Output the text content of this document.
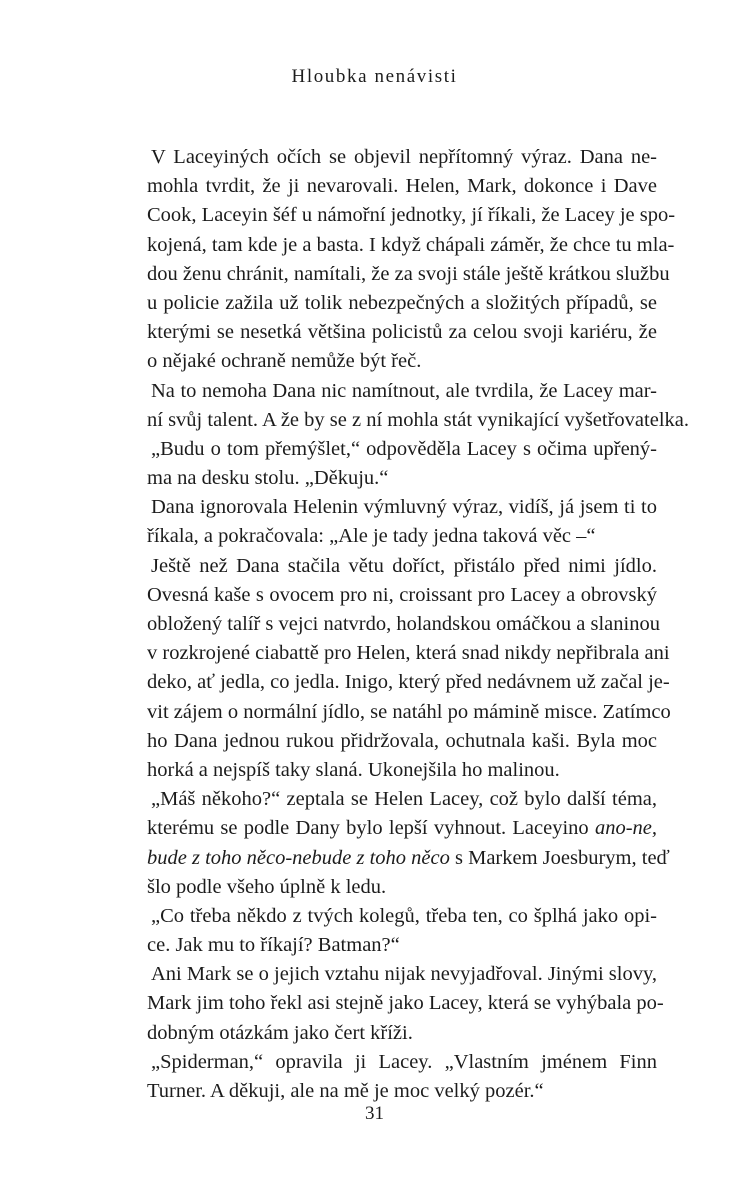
Hloubka nenávisti
V Laceyiných očích se objevil nepřítomný výraz. Dana ne-
mohla tvrdit, že ji nevarovali. Helen, Mark, dokonce i Dave
Cook, Laceyin šéf u námořní jednotky, jí říkali, že Lacey je spo-
kojená, tam kde je a basta. I když chápali záměr, že chce tu mla-
dou ženu chránit, namítali, že za svoji stále ještě krátkou službu
u policie zažila už tolik nebezpečných a složitých případů, se
kterými se nesetká většina policistů za celou svoji kariéru, že
o nějaké ochraně nemůže být řeč.
Na to nemoha Dana nic namítnout, ale tvrdila, že Lacey mar-
ní svůj talent. A že by se z ní mohla stát vynikající vyšetřovatelka.
„Budu o tom přemýšlet,“ odpověděla Lacey s očima upřený-
ma na desku stolu. „Děkuju.“
Dana ignorovala Helenin výmluvný výraz, vidíš, já jsem ti to
říkala, a pokračovala: „Ale je tady jedna taková věc –“
Ještě než Dana stačila větu doříct, přistálo před nimi jídlo.
Ovesná kaše s ovocem pro ni, croissant pro Lacey a obrovský
obložený talíř s vejci natvrdo, holandskou omáčkou a slaninou
v rozkrojené ciabattě pro Helen, která snad nikdy nepřibrala ani
deko, ať jedla, co jedla. Inigo, který před nedávnem už začal je-
vit zájem o normální jídlo, se natáhl po mámině misce. Zatímco
ho Dana jednou rukou přidržovala, ochutnala kaši. Byla moc
horká a nejspíš taky slaná. Ukonejšila ho malinou.
„Máš někoho?“ zeptala se Helen Lacey, což bylo další téma,
kterému se podle Dany bylo lepší vyhnout. Laceyino ano-ne,
bude z toho něco-nebude z toho něco s Markem Joesburym, teď
šlo podle všeho úplně k ledu.
„Co třeba někdo z tvých kolegů, třeba ten, co šplhá jako opi-
ce. Jak mu to říkají? Batman?“
Ani Mark se o jejich vztahu nijak nevyjadřoval. Jinými slovy,
Mark jim toho řekl asi stejně jako Lacey, která se vyhýbala po-
dobným otázkám jako čert kříži.
„Spiderman,“ opravila ji Lacey. „Vlastním jménem Finn
Turner. A děkuji, ale na mě je moc velký pozér.“
31
